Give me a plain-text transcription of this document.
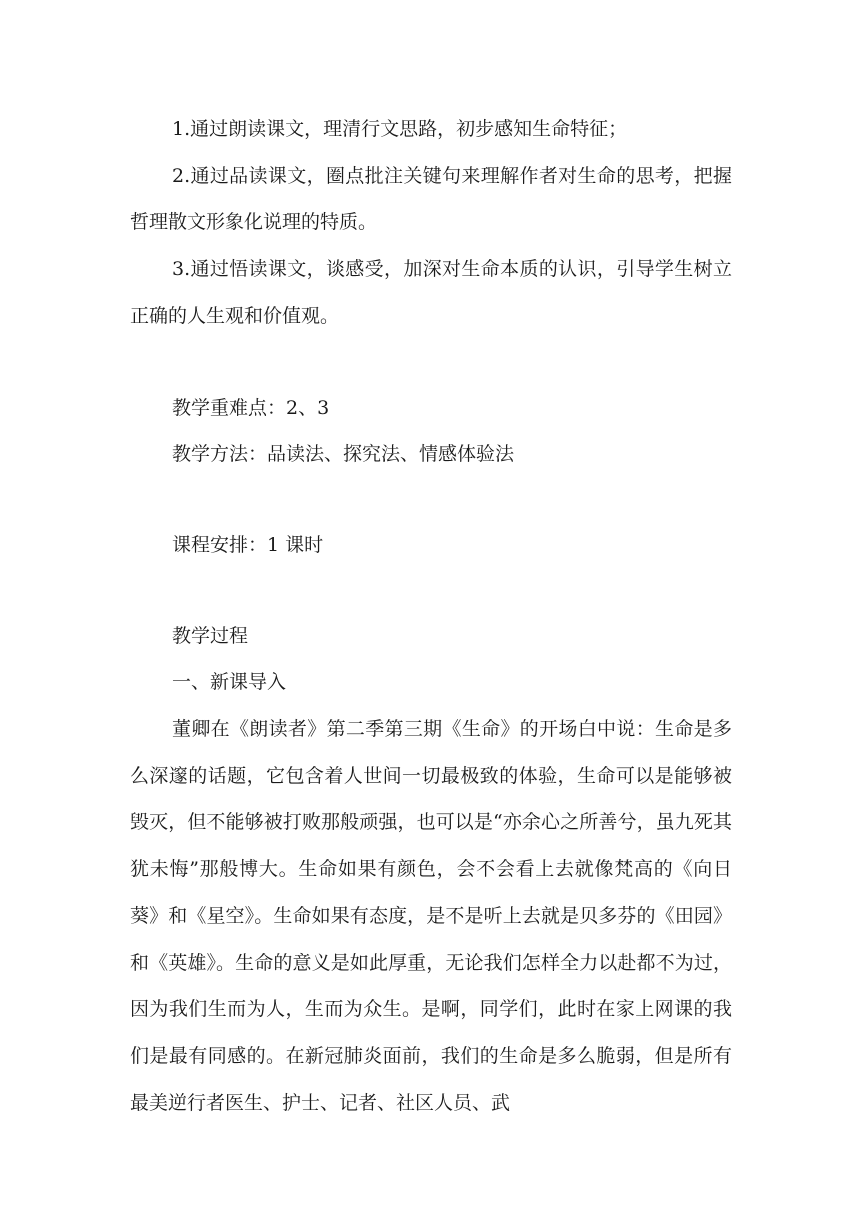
1.通过朗读课文，理清行文思路，初步感知生命特征；

2.通过品读课文，圈点批注关键句来理解作者对生命的思考，把握哲理散文形象化说理的特质。

3.通过悟读课文，谈感受，加深对生命本质的认识，引导学生树立正确的人生观和价值观。

教学重难点：2、3

教学方法：品读法、探究法、情感体验法

课程安排：1 课时

教学过程

一、新课导入

董卿在《朗读者》第二季第三期《生命》的开场白中说：生命是多么深邃的话题，它包含着人世间一切最极致的体验，生命可以是能够被毁灭，但不能够被打败那般顽强，也可以是“亦余心之所善兮，虽九死其犹未悔”那般博大。生命如果有颜色，会不会看上去就像梵高的《向日葵》和《星空》。生命如果有态度，是不是听上去就是贝多芬的《田园》和《英雄》。生命的意义是如此厚重，无论我们怎样全力以赴都不为过，因为我们生而为人，生而为众生。是啊，同学们，此时在家上网课的我们是最有同感的。在新冠肺炎面前，我们的生命是多么脆弱，但是所有最美逆行者医生、护士、记者、社区人员、武
